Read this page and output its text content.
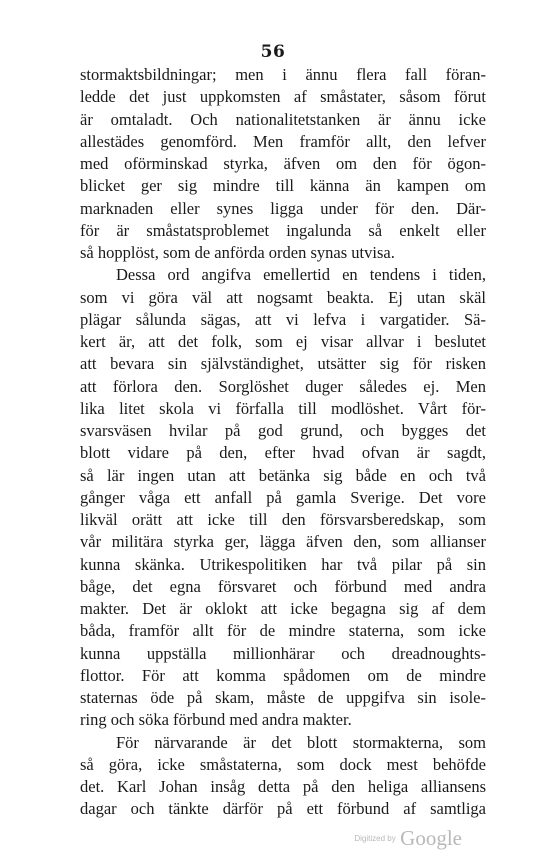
56
stormaktsbildningar; men i ännu flera fall föran-
ledde det just uppkomsten af småstater, såsom förut
är omtaladt. Och nationalitetstanken är ännu icke
allestädes genomförd. Men framför allt, den lefver
med oförminskad styrka, äfven om den för ögon-
blicket ger sig mindre till känna än kampen om
marknaden eller synes ligga under för den. Där-
för är småstatsproblemet ingalunda så enkelt eller
så hopplöst, som de anförda orden synas utvisa.
Dessa ord angifva emellertid en tendens i tiden,
som vi göra väl att nogsamt beakta. Ej utan skäl
plägar sålunda sägas, att vi lefva i vargatider. Sä-
kert är, att det folk, som ej visar allvar i beslutet
att bevara sin självständighet, utsätter sig för risken
att förlora den. Sorglöshet duger således ej. Men
lika litet skola vi förfalla till modlöshet. Vårt för-
svarsväsen hvilar på god grund, och bygges det
blott vidare på den, efter hvad ofvan är sagdt,
så lär ingen utan att betänka sig både en och två
gånger våga ett anfall på gamla Sverige. Det vore
likväl orätt att icke till den försvarsberedskap, som
vår militära styrka ger, lägga äfven den, som allianser
kunna skänka. Utrikespolitiken har två pilar på sin
båge, det egna försvaret och förbund med andra
makter. Det är oklokt att icke begagna sig af dem
båda, framför allt för de mindre staterna, som icke
kunna uppställa millionhärar och dreadnoughts-
flottor. För att komma spådomen om de mindre
staternas öde på skam, måste de uppgifva sin isole-
ring och söka förbund med andra makter.
För närvarande är det blott stormakterna, som
så göra, icke småstaterna, som dock mest behöfde
det. Karl Johan insåg detta på den heliga alliansens
dagar och tänkte därför på ett förbund af samtliga
Digitized by Google
